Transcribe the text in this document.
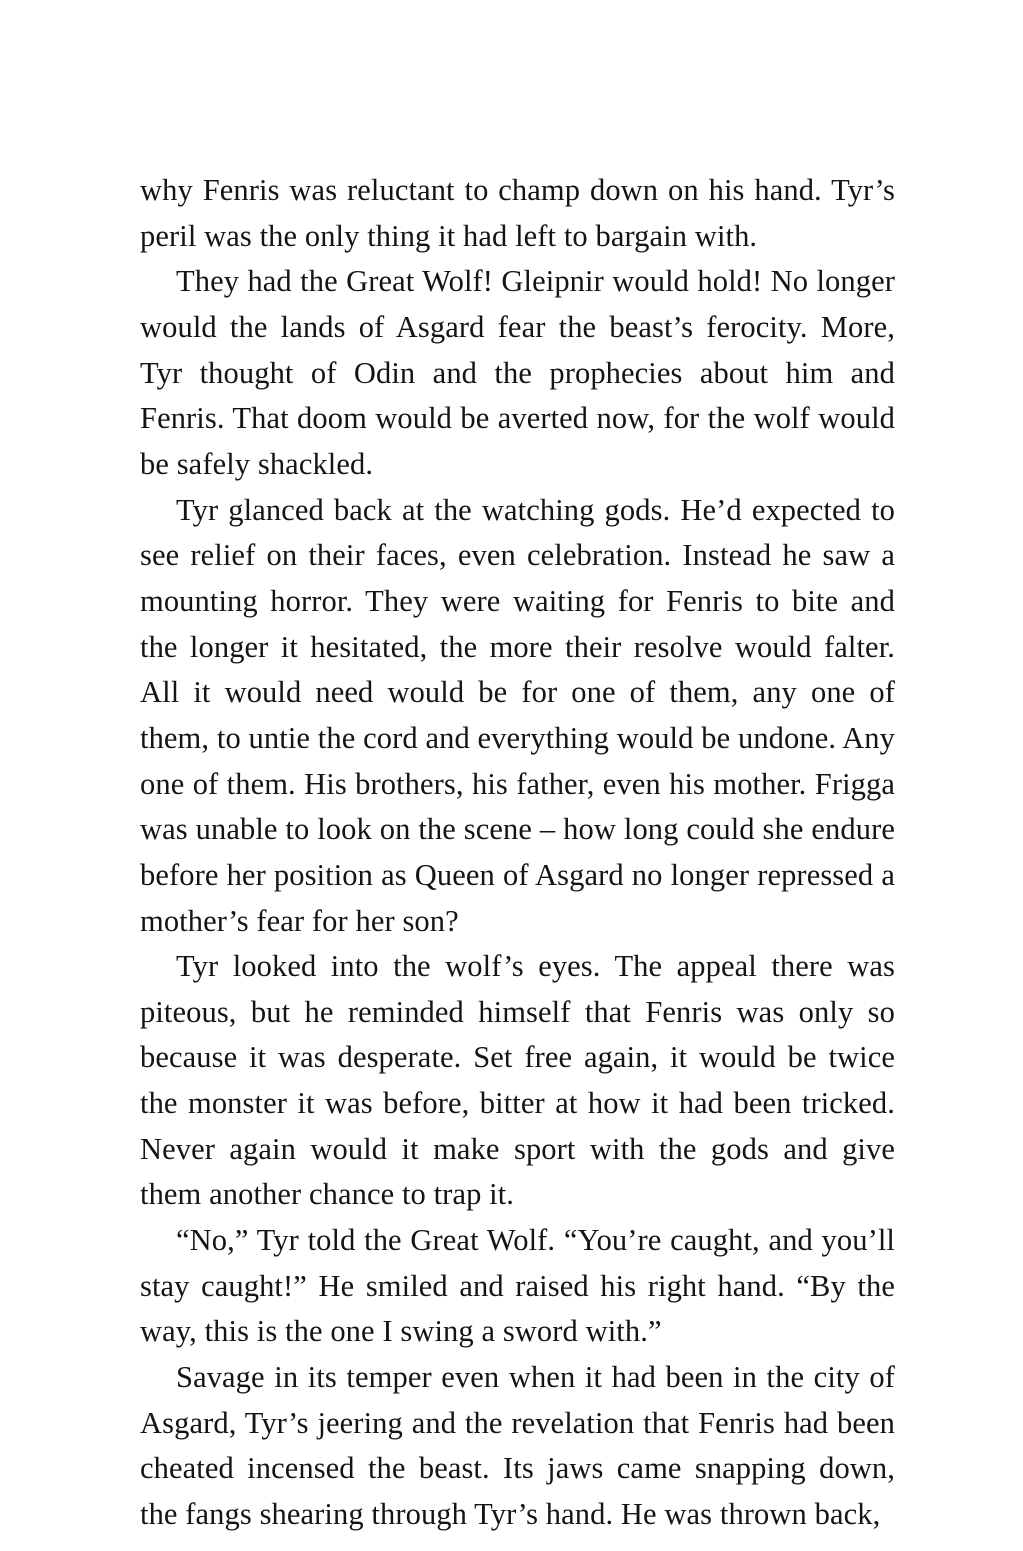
why Fenris was reluctant to champ down on his hand. Tyr’s peril was the only thing it had left to bargain with.

They had the Great Wolf! Gleipnir would hold! No longer would the lands of Asgard fear the beast’s ferocity. More, Tyr thought of Odin and the prophecies about him and Fenris. That doom would be averted now, for the wolf would be safely shackled.

Tyr glanced back at the watching gods. He’d expected to see relief on their faces, even celebration. Instead he saw a mounting horror. They were waiting for Fenris to bite and the longer it hesitated, the more their resolve would falter. All it would need would be for one of them, any one of them, to untie the cord and everything would be undone. Any one of them. His brothers, his father, even his mother. Frigga was unable to look on the scene – how long could she endure before her position as Queen of Asgard no longer repressed a mother’s fear for her son?

Tyr looked into the wolf’s eyes. The appeal there was piteous, but he reminded himself that Fenris was only so because it was desperate. Set free again, it would be twice the monster it was before, bitter at how it had been tricked. Never again would it make sport with the gods and give them another chance to trap it.

“No,” Tyr told the Great Wolf. “You’re caught, and you’ll stay caught!” He smiled and raised his right hand. “By the way, this is the one I swing a sword with.”

Savage in its temper even when it had been in the city of Asgard, Tyr’s jeering and the revelation that Fenris had been cheated incensed the beast. Its jaws came snapping down, the fangs shearing through Tyr’s hand. He was thrown back,
